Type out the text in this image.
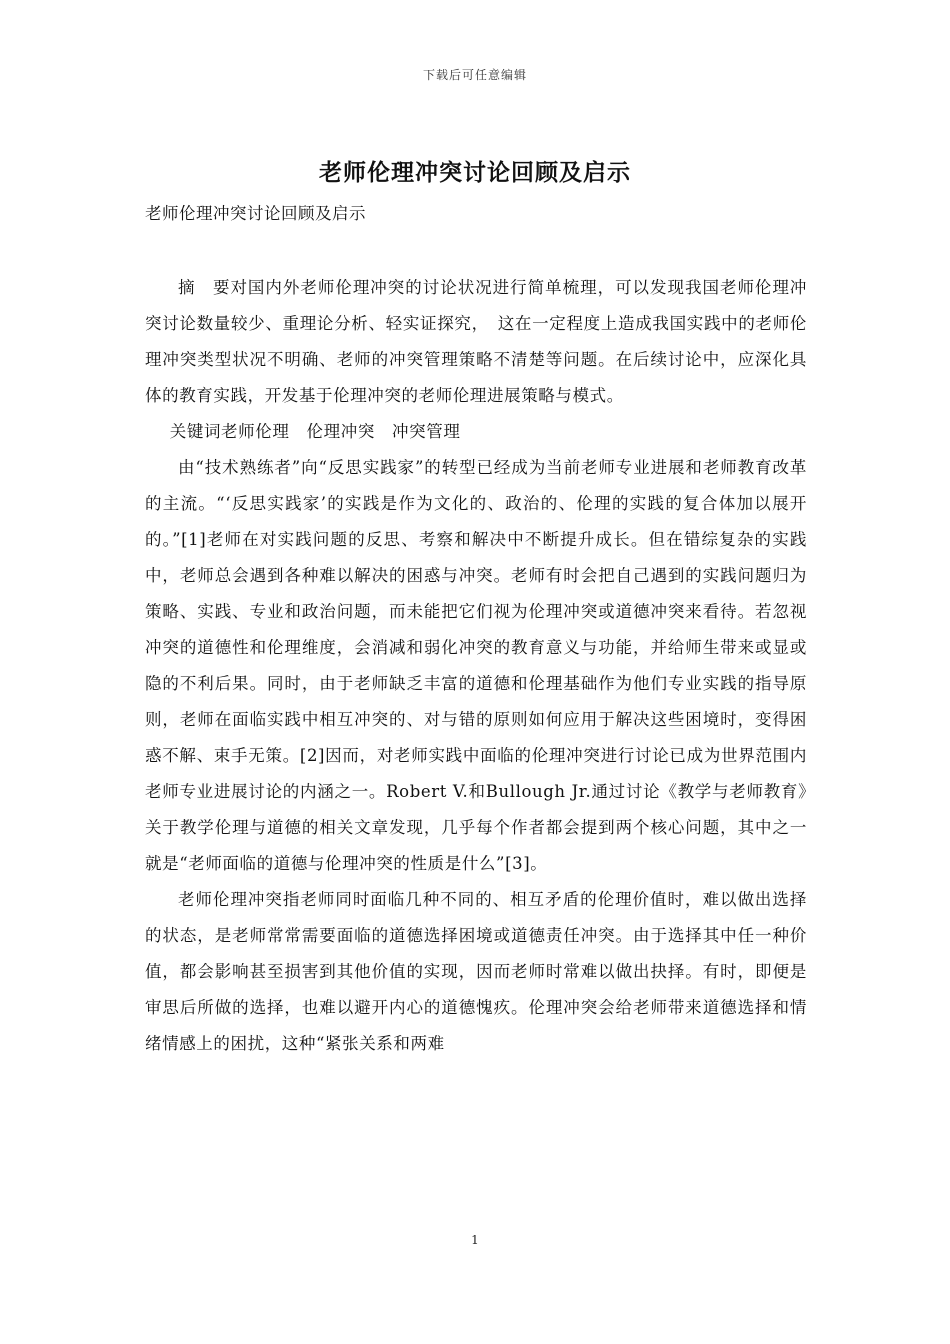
下载后可任意编辑
老师伦理冲突讨论回顾及启示
老师伦理冲突讨论回顾及启示

摘　要对国内外老师伦理冲突的讨论状况进行简单梳理，可以发现我国老师伦理冲突讨论数量较少、重理论分析、轻实证探究，　这在一定程度上造成我国实践中的老师伦理冲突类型状况不明确、老师的冲突管理策略不清楚等问题。在后续讨论中，应深化具体的教育实践，开发基于伦理冲突的老师伦理进展策略与模式。

关键词老师伦理　伦理冲突　冲突管理

由“技术熟练者”向“反思实践家”的转型已经成为当前老师专业进展和老师教育改革的主流。“‘反思实践家’的实践是作为文化的、政治的、伦理的实践的复合体加以展开的。”[1]老师在对实践问题的反思、考察和解决中不断提升成长。但在错综复杂的实践中，老师总会遇到各种难以解决的困惑与冲突。老师有时会把自己遇到的实践问题归为策略、实践、专业和政治问题，而未能把它们视为伦理冲突或道德冲突来看待。若忽视冲突的道德性和伦理维度，会消减和弱化冲突的教育意义与功能，并给师生带来或显或隐的不利后果。同时，由于老师缺乏丰富的道德和伦理基础作为他们专业实践的指导原则，老师在面临实践中相互冲突的、对与错的原则如何应用于解决这些困境时，变得困惑不解、束手无策。[2]因而，对老师实践中面临的伦理冲突进行讨论已成为世界范围内老师专业进展讨论的内涵之一。Robert V.和Bullough Jr.通过讨论《教学与老师教育》关于教学伦理与道德的相关文章发现，几乎每个作者都会提到两个核心问题，其中之一就是“老师面临的道德与伦理冲突的性质是什么”[3]。

老师伦理冲突指老师同时面临几种不同的、相互矛盾的伦理价值时，难以做出选择的状态，是老师常常需要面临的道德选择困境或道德责任冲突。由于选择其中任一种价值，都会影响甚至损害到其他价值的实现，因而老师时常难以做出抉择。有时，即便是审思后所做的选择，也难以避开内心的道德愧疚。伦理冲突会给老师带来道德选择和情绪情感上的困扰，这种“紧张关系和两难

1
